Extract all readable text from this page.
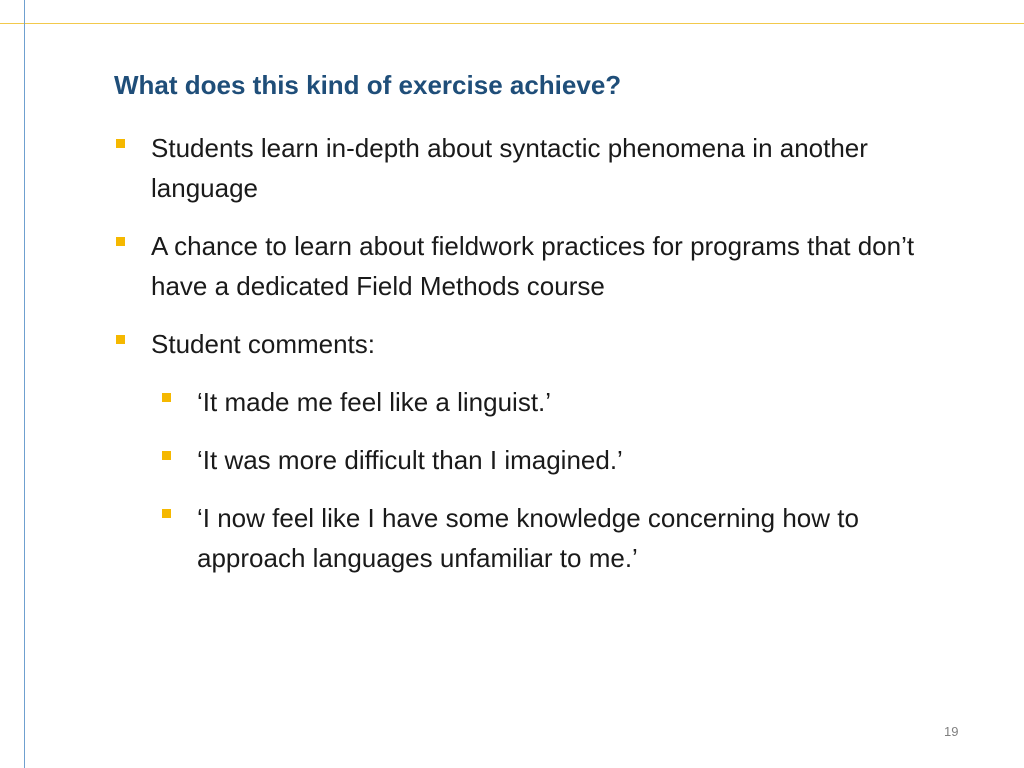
What does this kind of exercise achieve?
Students learn in-depth about syntactic phenomena in another language
A chance to learn about fieldwork practices for programs that don’t have a dedicated Field Methods course
Student comments:
‘It made me feel like a linguist.’
‘It was more difficult than I imagined.’
‘I now feel like I have some knowledge concerning how to approach languages unfamiliar to me.’
19
